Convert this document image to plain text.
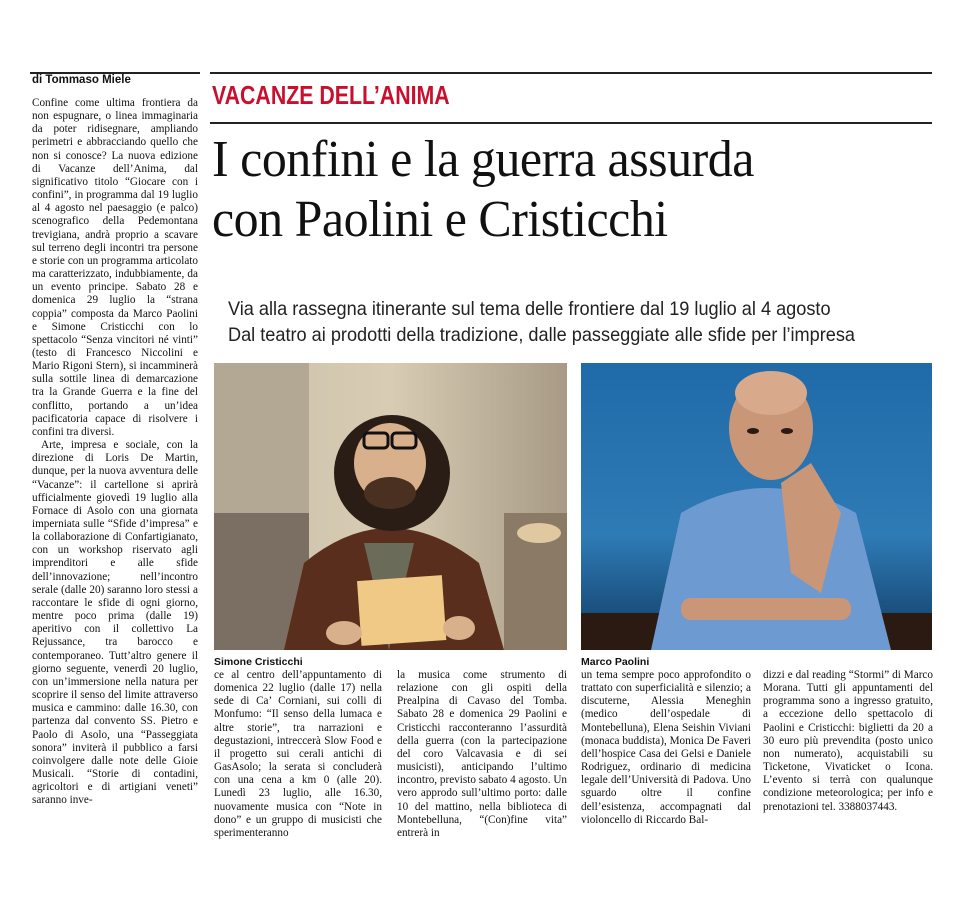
di Tommaso Miele	VACANZE DELL’ANIMA
I confini e la guerra assurda
con Paolini e Cristicchi
Via alla rassegna itinerante sul tema delle frontiere dal 19 luglio al 4 agosto
Dal teatro ai prodotti della tradizione, dalle passeggiate alle sfide per l’impresa

Confine come ultima frontiera da non espugnare, o linea immaginaria da poter ridisegnare, ampliando perimetri e abbracciando quello che non si conosce? La nuova edizione di Vacanze dell’Anima, dal significativo titolo “Giocare con i confini”, in programma dal 19 luglio al 4 agosto nel paesaggio (e palco) scenografico della Pedemontana trevigiana, andrà proprio a scavare sul terreno degli incontri tra persone e storie con un programma articolato ma caratterizzato, indubbiamente, da un evento principe. Sabato 28 e domenica 29 luglio la “strana coppia” composta da Marco Paolini e Simone Cristicchi con lo spettacolo “Senza vincitori né vinti” (testo di Francesco Niccolini e Mario Rigoni Stern), si incamminerà sulla sottile linea di demarcazione tra la Grande Guerra e la fine del conflitto, portando a un’idea pacificatoria capace di risolvere i confini tra diversi.

Arte, impresa e sociale, con la direzione di Loris De Martin, dunque, per la nuova avventura delle “Vacanze”: il cartellone si aprirà ufficialmente giovedì 19 luglio alla Fornace di Asolo con una giornata imperniata sulle “Sfide d’impresa” e la collaborazione di Confartigianato, con un workshop riservato agli imprenditori e alle sfide dell’innovazione; nell’incontro serale (dalle 20) saranno loro stessi a raccontare le sfide di ogni giorno, mentre poco prima (dalle 19) aperitivo con il collettivo La Rejussance, tra barocco e contemporaneo. Tutt’altro genere il giorno seguente, venerdì 20 luglio, con un’immersione nella natura per scoprire il senso del limite attraverso musica e cammino: dalle 16.30, con partenza dal convento SS. Pietro e Paolo di Asolo, una “Passeggiata sonora” inviterà il pubblico a farsi coinvolgere dalle note delle Gioie Musicali. “Storie di contadini, agricoltori e di artigiani veneti” saranno inve-

Simone Cristicchi	Marco Paolini

ce al centro dell’appuntamento di domenica 22 luglio (dalle 17) nella sede di Ca’ Corniani, sui colli di Monfumo: “Il senso della lumaca e altre storie”, tra narrazioni e degustazioni, intreccerà Slow Food e il progetto sui cerali antichi di GasAsolo; la serata si concluderà con una cena a km 0 (alle 20). Lunedì 23 luglio, alle 16.30, nuovamente musica con “Note in dono” e un gruppo di musicisti che sperimenteranno

la musica come strumento di relazione con gli ospiti della Prealpina di Cavaso del Tomba. Sabato 28 e domenica 29 Paolini e Cristicchi racconteranno l’assurdità della guerra (con la partecipazione del coro Valcavasia e di sei musicisti), anticipando l’ultimo incontro, previsto sabato 4 agosto. Un vero approdo sull’ultimo porto: dalle 10 del mattino, nella biblioteca di Montebelluna, “(Con)fine vita” entrerà in

un tema sempre poco approfondito o trattato con superficialità e silenzio; a discuterne, Alessia Meneghin (medico dell’ospedale di Montebelluna), Elena Seishin Viviani (monaca buddista), Monica De Faveri dell’hospice Casa dei Gelsi e Daniele Rodriguez, ordinario di medicina legale dell’Università di Padova. Uno sguardo oltre il confine dell’esistenza, accompagnati dal violoncello di Riccardo Bal-

dizzi e dal reading “Stormi” di Marco Morana. Tutti gli appuntamenti del programma sono a ingresso gratuito, a eccezione dello spettacolo di Paolini e Cristicchi: biglietti da 20 a 30 euro più prevendita (posto unico non numerato), acquistabili su Ticketone, Vivaticket o Icona. L’evento si terrà con qualunque condizione meteorologica; per info e prenotazioni tel. 3388037443.
